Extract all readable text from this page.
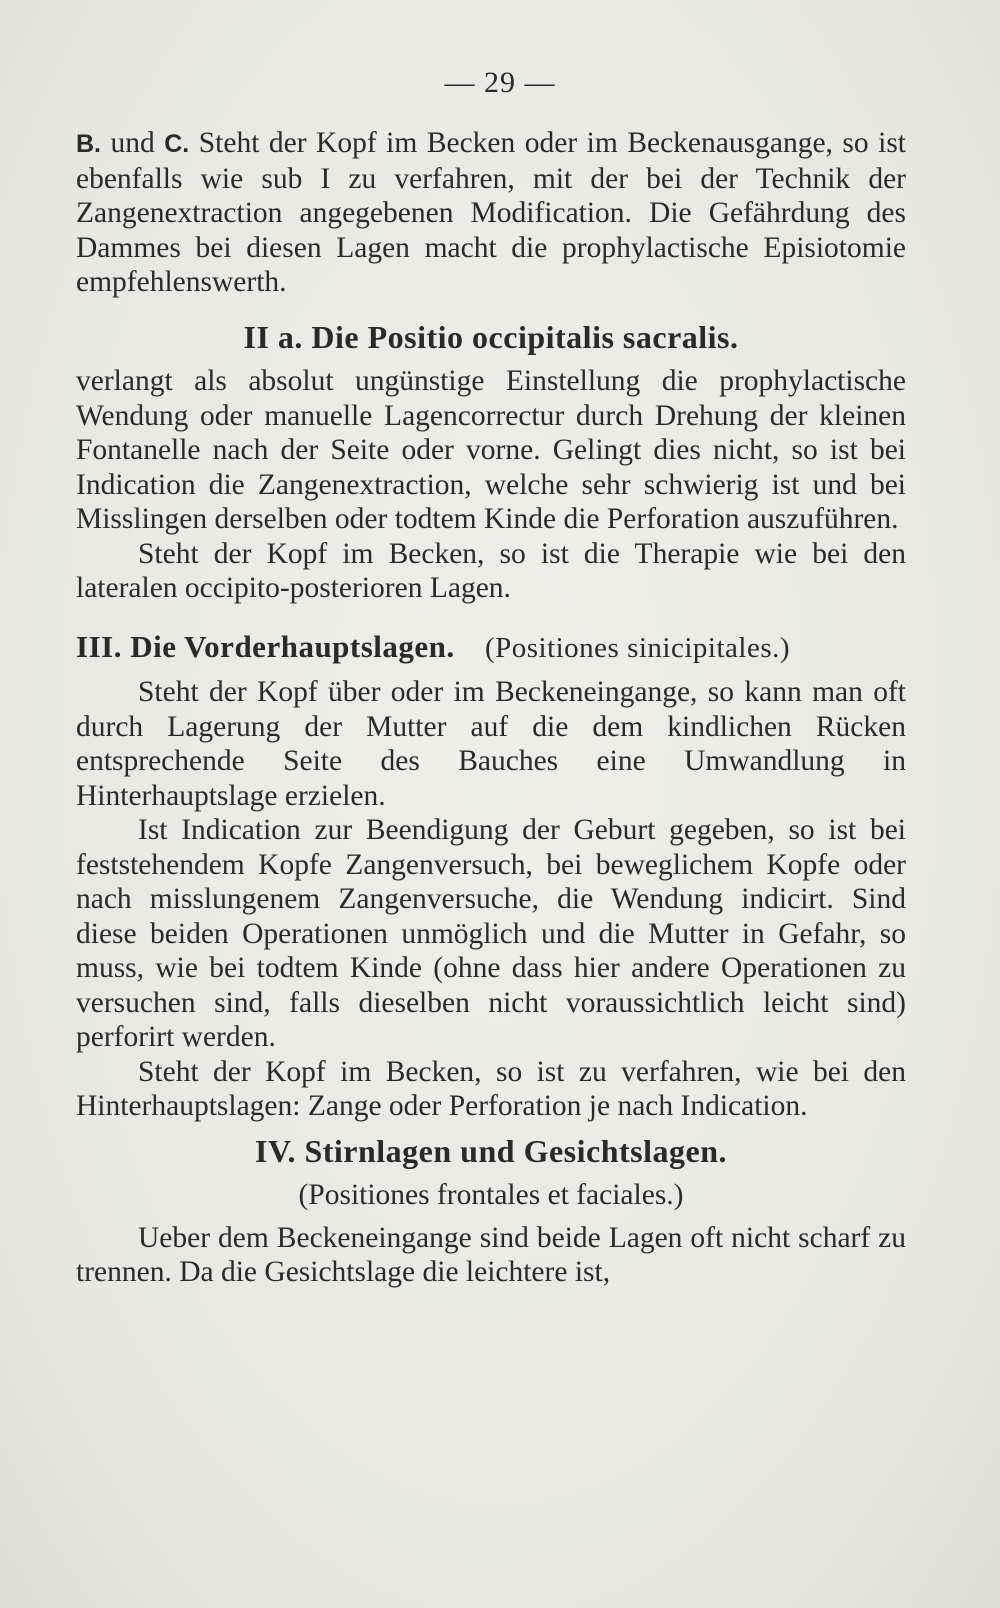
— 29 —

B. und C. Steht der Kopf im Becken oder im Beckenausgange, so ist ebenfalls wie sub I zu verfahren, mit der bei der Technik der Zangenextraction angegebenen Modification. Die Gefährdung des Dammes bei diesen Lagen macht die prophylactische Episiotomie empfehlenswerth.

II a. Die Positio occipitalis sacralis.

verlangt als absolut ungünstige Einstellung die prophylactische Wendung oder manuelle Lagencorrectur durch Drehung der kleinen Fontanelle nach der Seite oder vorne. Gelingt dies nicht, so ist bei Indication die Zangenextraction, welche sehr schwierig ist und bei Misslingen derselben oder todtem Kinde die Perforation auszuführen.

Steht der Kopf im Becken, so ist die Therapie wie bei den lateralen occipito-posterioren Lagen.

III. Die Vorderhauptslagen. (Positiones sinicipitales.)

Steht der Kopf über oder im Beckeneingange, so kann man oft durch Lagerung der Mutter auf die dem kindlichen Rücken entsprechende Seite des Bauches eine Umwandlung in Hinterhauptslage erzielen.

Ist Indication zur Beendigung der Geburt gegeben, so ist bei feststehendem Kopfe Zangenversuch, bei beweglichem Kopfe oder nach misslungenem Zangenversuche, die Wendung indicirt. Sind diese beiden Operationen unmöglich und die Mutter in Gefahr, so muss, wie bei todtem Kinde (ohne dass hier andere Operationen zu versuchen sind, falls dieselben nicht voraussichtlich leicht sind) perforirt werden.

Steht der Kopf im Becken, so ist zu verfahren, wie bei den Hinterhauptslagen: Zange oder Perforation je nach Indication.

IV. Stirnlagen und Gesichtslagen.
(Positiones frontales et faciales.)

Ueber dem Beckeneingange sind beide Lagen oft nicht scharf zu trennen. Da die Gesichtslage die leichtere ist,
